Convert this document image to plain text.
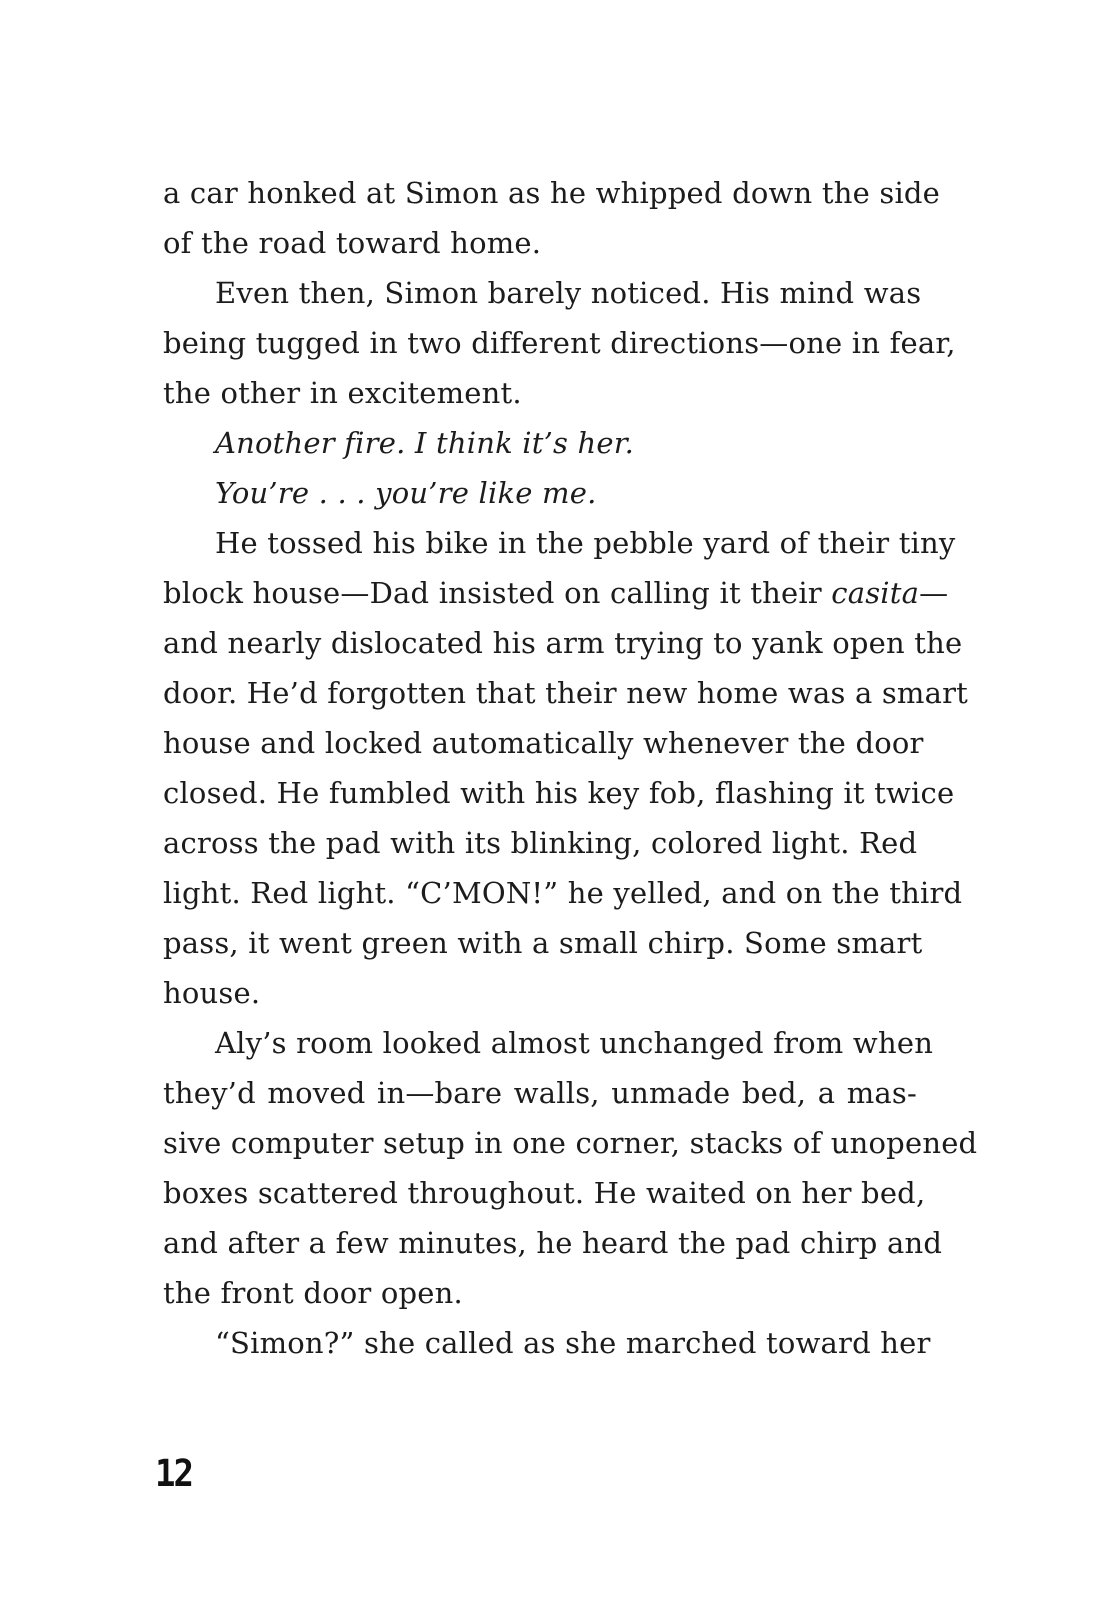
a car honked at Simon as he whipped down the side
of the road toward home.
Even then, Simon barely noticed. His mind was
being tugged in two different directions—one in fear,
the other in excitement.
Another fire. I think it’s her.
You’re . . . you’re like me.
He tossed his bike in the pebble yard of their tiny
block house—Dad insisted on calling it their casita—
and nearly dislocated his arm trying to yank open the
door. He’d forgotten that their new home was a smart
house and locked automatically whenever the door
closed. He fumbled with his key fob, flashing it twice
across the pad with its blinking, colored light. Red
light. Red light. “C’MON!” he yelled, and on the third
pass, it went green with a small chirp. Some smart
house.
Aly’s room looked almost unchanged from when
they’d moved in—bare walls, unmade bed, a mas-
sive computer setup in one corner, stacks of unopened
boxes scattered throughout. He waited on her bed,
and after a few minutes, he heard the pad chirp and
the front door open.
“Simon?” she called as she marched toward her
12
